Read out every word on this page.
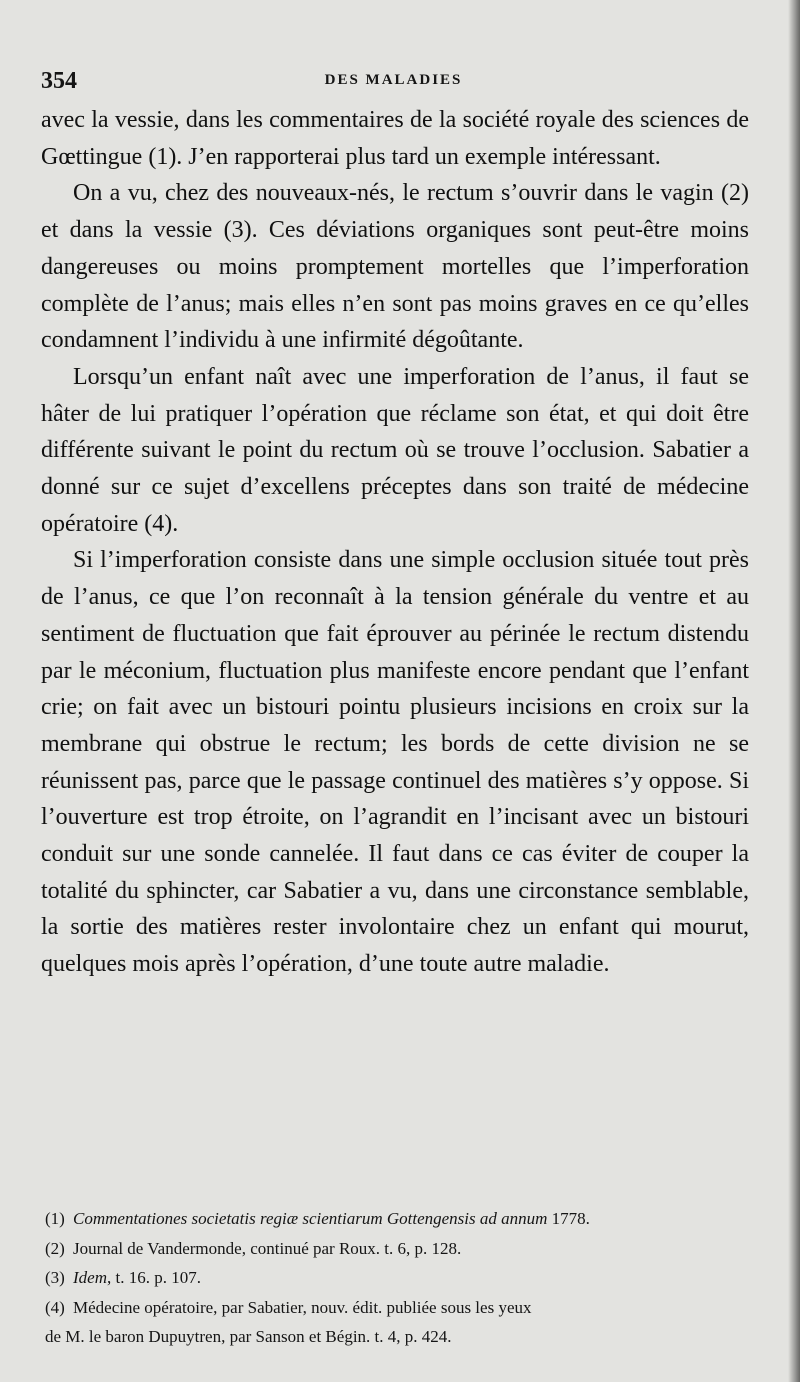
354	DES MALADIES

avec la vessie, dans les commentaires de la société royale des sciences de Gœttingue (1). J’en rapporterai plus tard un exemple intéressant.

On a vu, chez des nouveaux-nés, le rectum s’ouvrir dans le vagin (2) et dans la vessie (3). Ces déviations organiques sont peut-être moins dangereuses ou moins promptement mortelles que l’imperforation complète de l’anus; mais elles n’en sont pas moins graves en ce qu’elles condamnent l’individu à une infirmité dégoûtante.

Lorsqu’un enfant naît avec une imperforation de l’anus, il faut se hâter de lui pratiquer l’opération que réclame son état, et qui doit être différente suivant le point du rectum où se trouve l’occlusion. Sabatier a donné sur ce sujet d’excellens préceptes dans son traité de médecine opératoire (4).

Si l’imperforation consiste dans une simple occlusion située tout près de l’anus, ce que l’on reconnaît à la tension générale du ventre et au sentiment de fluctuation que fait éprouver au périnée le rectum distendu par le méconium, fluctuation plus manifeste encore pendant que l’enfant crie; on fait avec un bistouri pointu plusieurs incisions en croix sur la membrane qui obstrue le rectum; les bords de cette division ne se réunissent pas, parce que le passage continuel des matières s’y oppose. Si l’ouverture est trop étroite, on l’agrandit en l’incisant avec un bistouri conduit sur une sonde cannelée. Il faut dans ce cas éviter de couper la totalité du sphincter, car Sabatier a vu, dans une circonstance semblable, la sortie des matières rester involontaire chez un enfant qui mourut, quelques mois après l’opération, d’une toute autre maladie.

(1) Commentationes societatis regiæ scientiarum Gottengensis ad annum 1778.
(2) Journal de Vandermonde, continué par Roux. t. 6, p. 128.
(3) Idem, t. 16. p. 107.
(4) Médecine opératoire, par Sabatier, nouv. édit. publiée sous les yeux
de M. le baron Dupuytren, par Sanson et Bégin. t. 4, p. 424.
